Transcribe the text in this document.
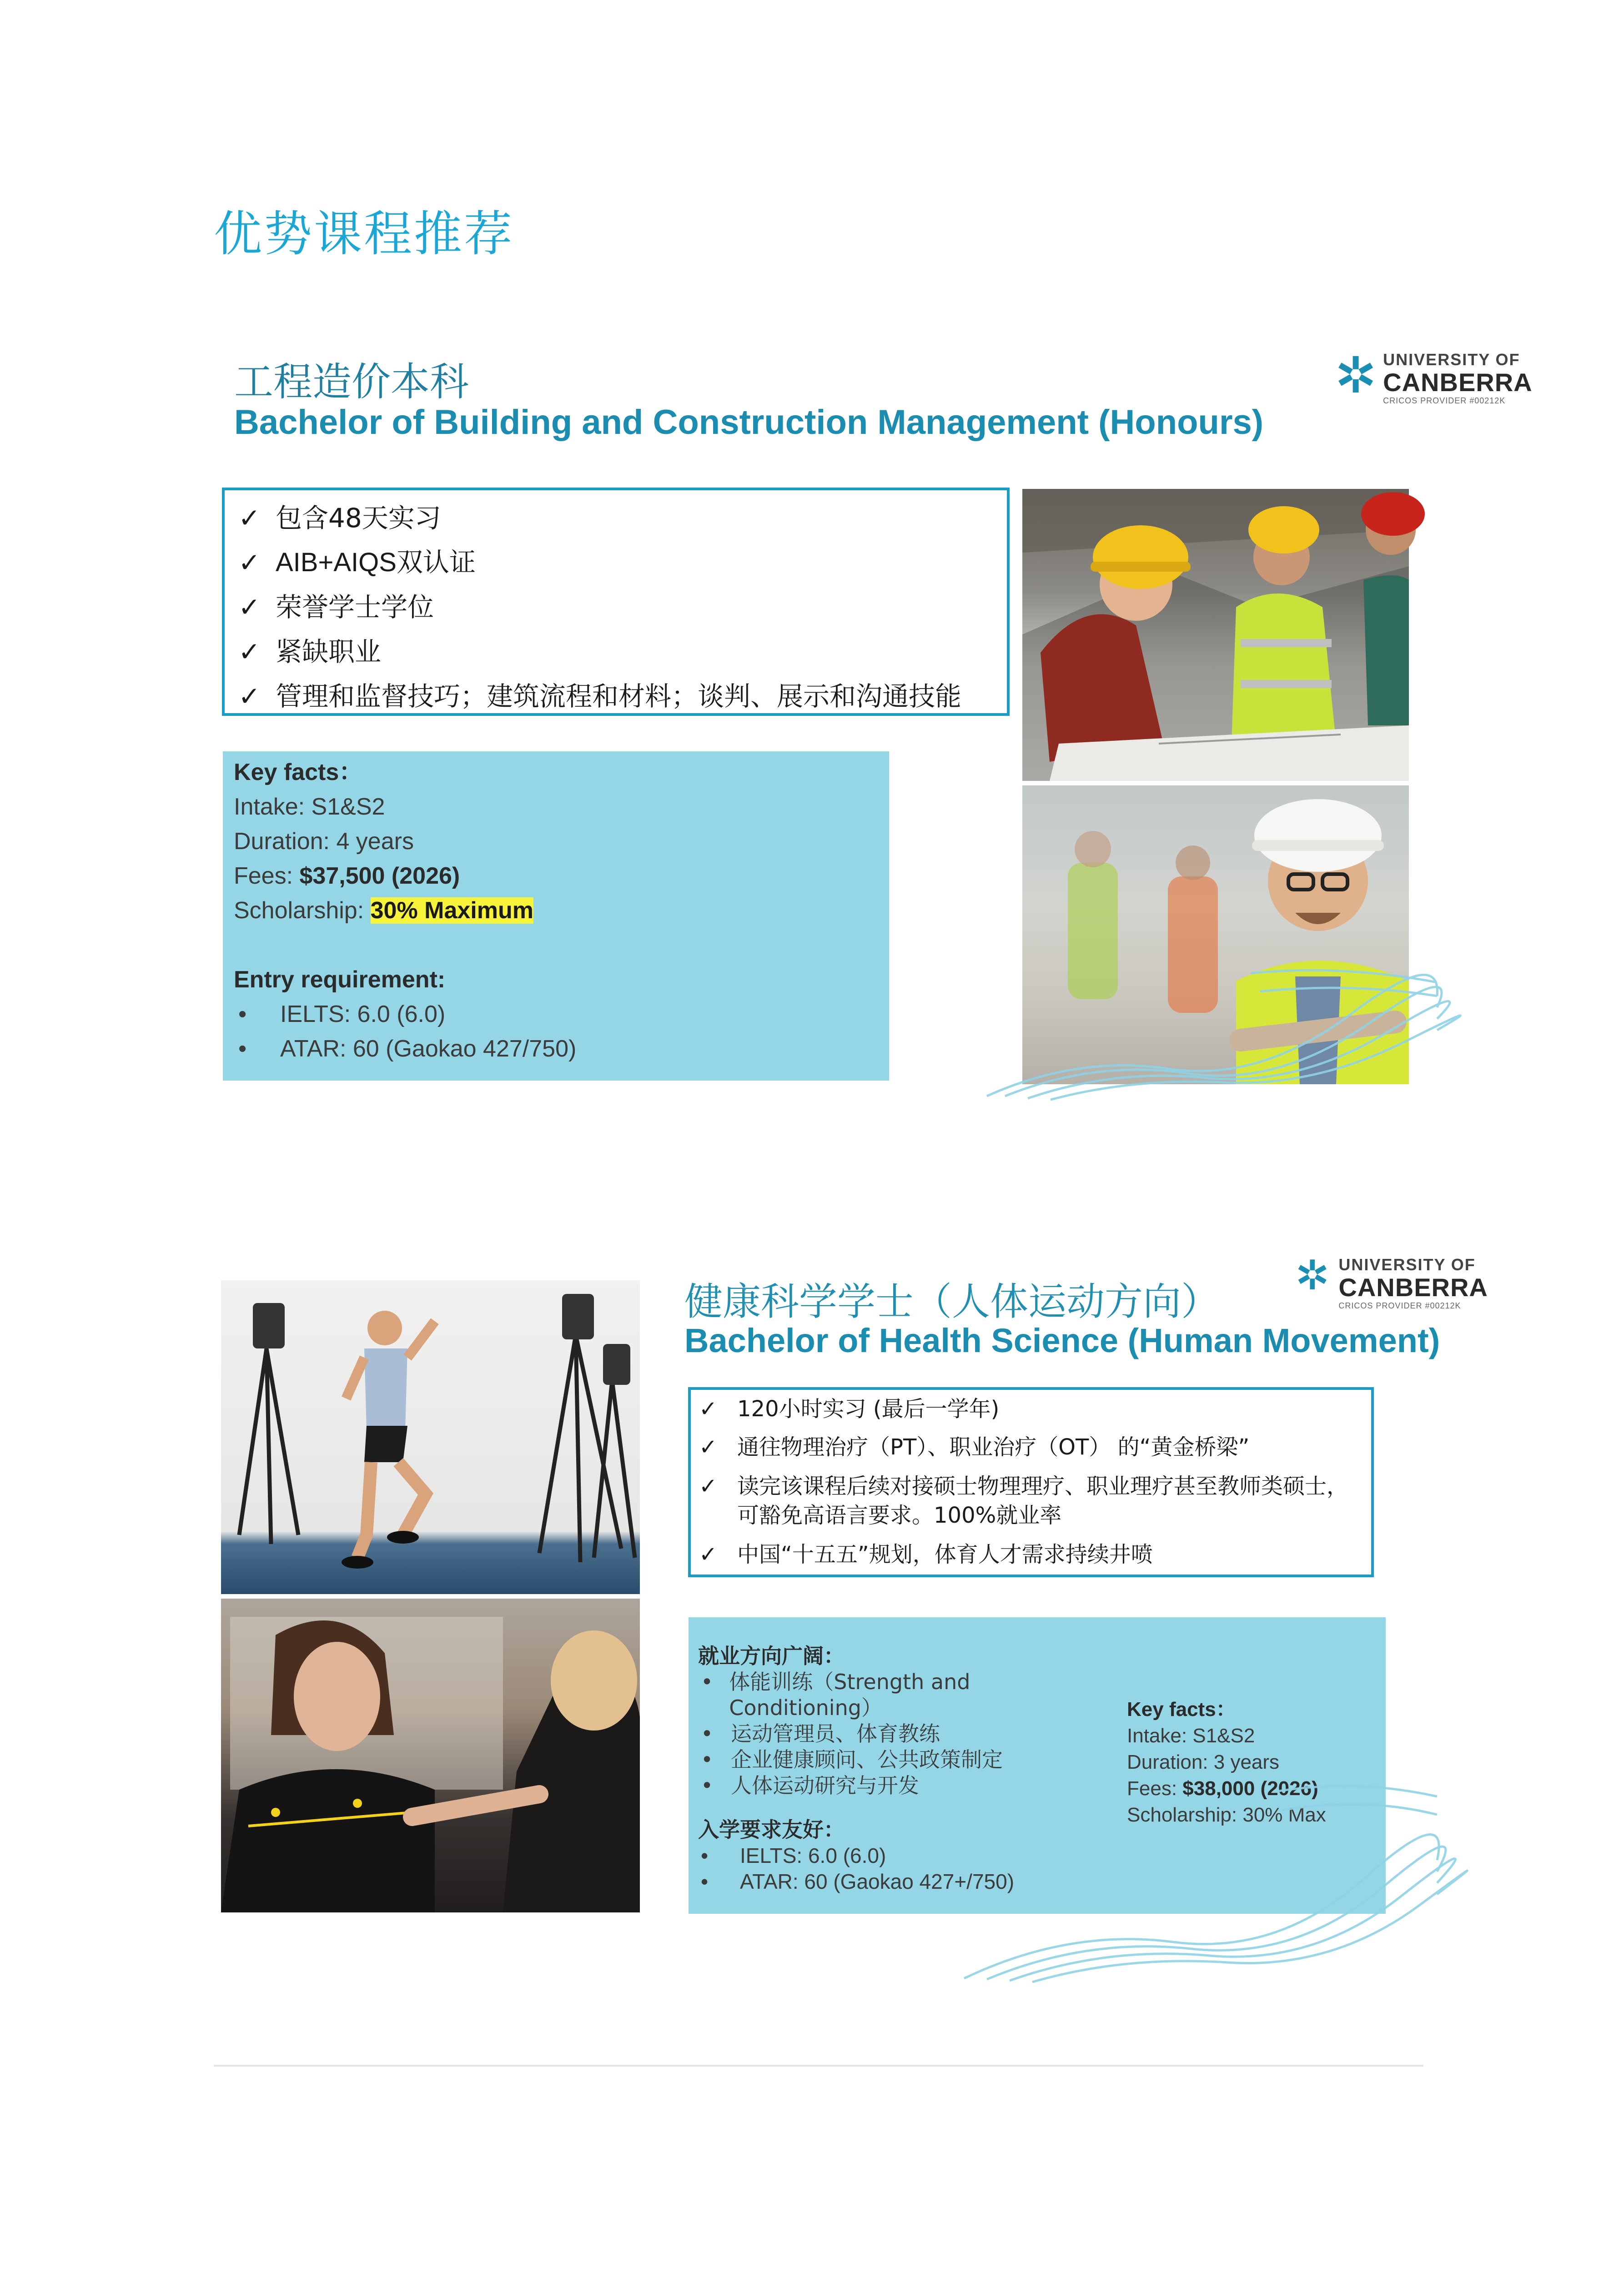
优势课程推荐
工程造价本科
Bachelor of Building and Construction Management (Honours)
✲ UNIVERSITY OF
CANBERRA
CRICOS PROVIDER #00212K
✓ 包含48天实习
✓ AIB+AIQS双认证
✓ 荣誉学士学位
✓ 紧缺职业
✓ 管理和监督技巧；建筑流程和材料；谈判、展示和沟通技能
Key facts：
Intake: S1&S2
Duration: 4 years
Fees: $37,500 (2026)
Scholarship: 30% Maximum
Entry requirement:
•	IELTS: 6.0 (6.0)
•	ATAR: 60 (Gaokao 427/750)
健康科学学士（人体运动方向）
Bachelor of Health Science (Human Movement)
✲ UNIVERSITY OF
CANBERRA
CRICOS PROVIDER #00212K
✓ 120小时实习 (最后一学年)
✓ 通往物理治疗（PT）、职业治疗（OT） 的“黄金桥梁”
✓ 读完该课程后续对接硕士物理理疗、职业理疗甚至教师类硕士，可豁免高语言要求。100%就业率
✓ 中国“十五五”规划，体育人才需求持续井喷
就业方向广阔：
• 体能训练（Strength and Conditioning）
• 运动管理员、体育教练
• 企业健康顾问、公共政策制定
• 人体运动研究与开发
入学要求友好：
•	IELTS: 6.0 (6.0)
•	ATAR: 60 (Gaokao 427+/750)
Key facts：
Intake: S1&S2
Duration: 3 years
Fees: $38,000 (2026)
Scholarship: 30% Max
